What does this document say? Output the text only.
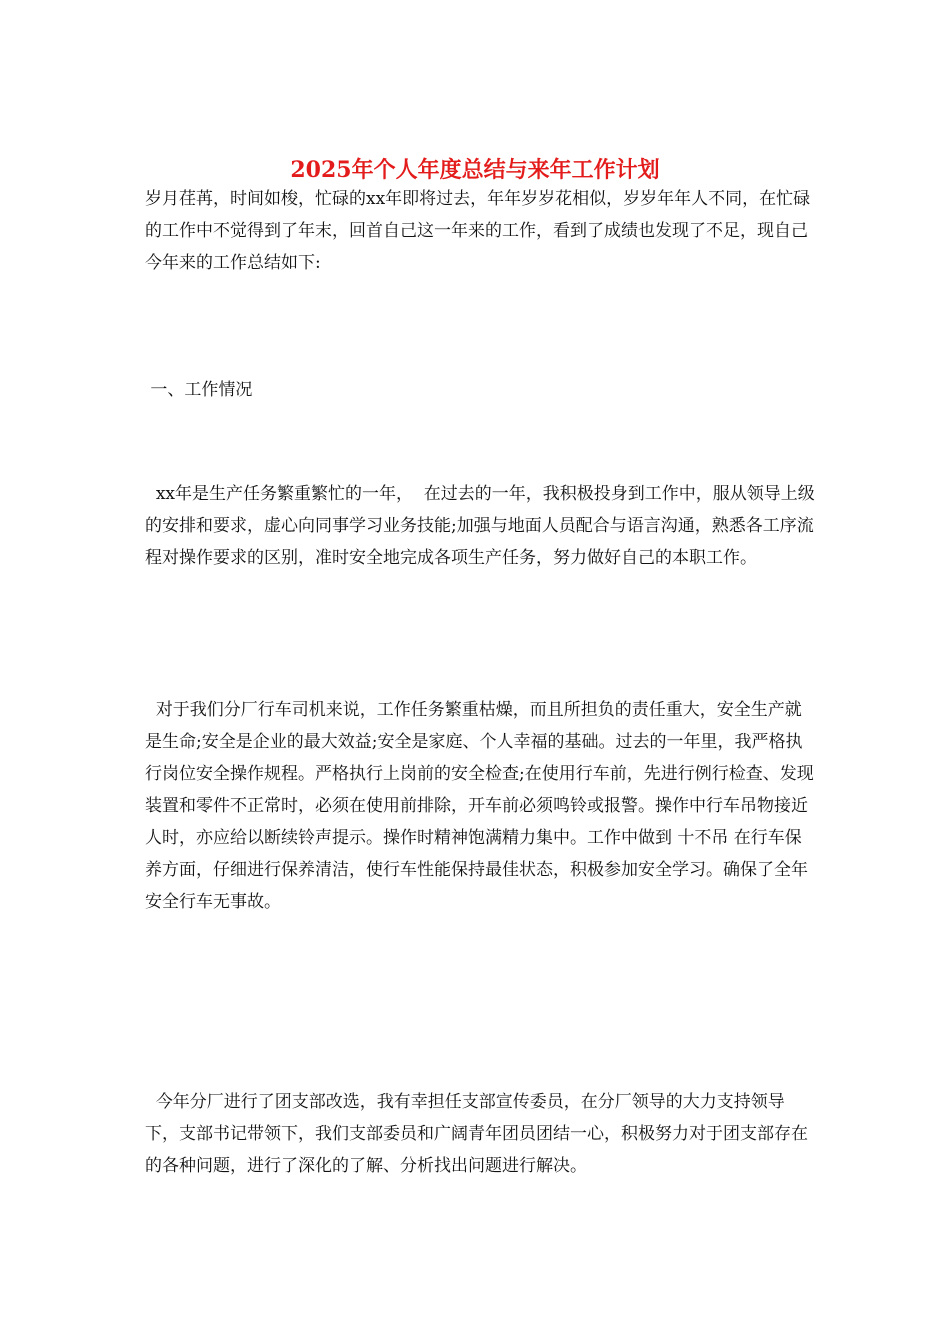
2025年个人年度总结与来年工作计划

岁月荏苒，时间如梭，忙碌的xx年即将过去，年年岁岁花相似，岁岁年年人不同，在忙碌的工作中不觉得到了年末，回首自己这一年来的工作，看到了成绩也发现了不足，现自己今年来的工作总结如下:

一、工作情况

xx年是生产任务繁重繁忙的一年，  在过去的一年，我积极投身到工作中，服从领导上级的安排和要求，虚心向同事学习业务技能;加强与地面人员配合与语言沟通，熟悉各工序流程对操作要求的区别，准时安全地完成各项生产任务，努力做好自己的本职工作。

对于我们分厂行车司机来说，工作任务繁重枯燥，而且所担负的责任重大，安全生产就是生命;安全是企业的最大效益;安全是家庭、个人幸福的基础。过去的一年里，我严格执行岗位安全操作规程。严格执行上岗前的安全检查;在使用行车前，先进行例行检查、发现装置和零件不正常时，必须在使用前排除，开车前必须鸣铃或报警。操作中行车吊物接近人时，亦应给以断续铃声提示。操作时精神饱满精力集中。工作中做到 十不吊 在行车保养方面，仔细进行保养清洁，使行车性能保持最佳状态，积极参加安全学习。确保了全年安全行车无事故。

今年分厂进行了团支部改选，我有幸担任支部宣传委员，在分厂领导的大力支持领导下，支部书记带领下，我们支部委员和广阔青年团员团结一心，积极努力对于团支部存在的各种问题，进行了深化的了解、分析找出问题进行解决。
